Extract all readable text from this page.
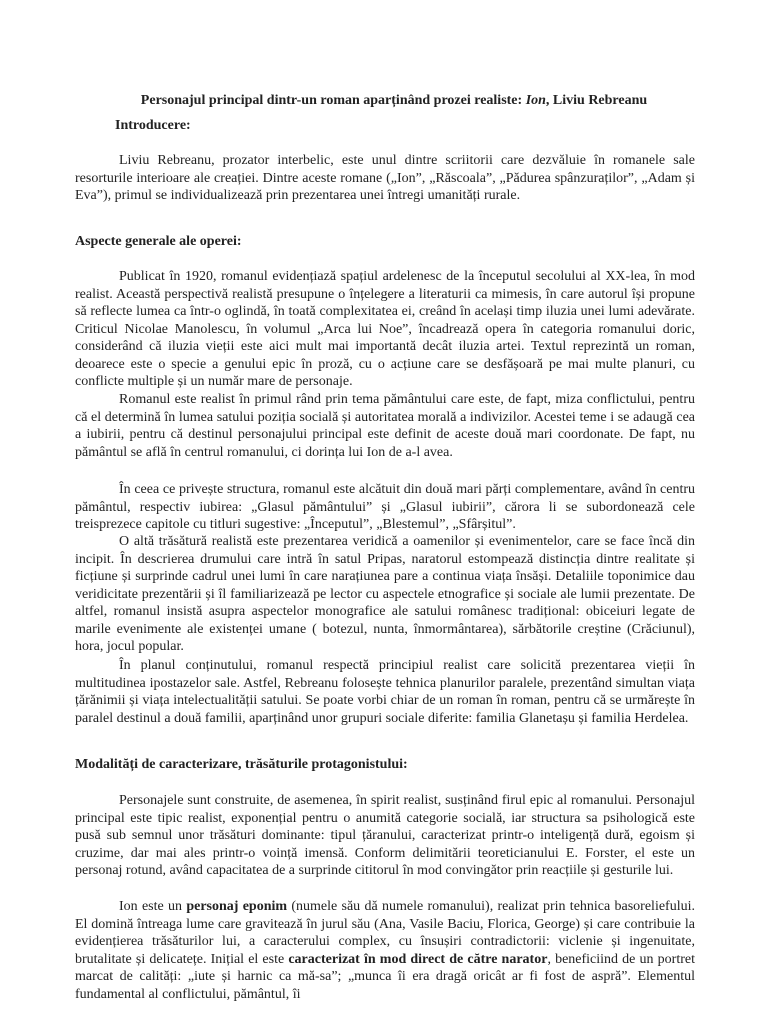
Personajul principal dintr-un roman aparținând prozei realiste: Ion, Liviu Rebreanu
Introducere:
Liviu Rebreanu, prozator interbelic, este unul dintre scriitorii care dezvăluie în romanele sale resorturile interioare ale creației. Dintre aceste romane („Ion”, „Răscoala”, „Pădurea spânzuraților”, „Adam și Eva”), primul se individualizează prin prezentarea unei întregi umanități rurale.
Aspecte generale ale operei:
Publicat în 1920, romanul evidențiază spațiul ardelenesc de la începutul secolului al XX-lea, în mod realist. Această perspectivă realistă presupune o înțelegere a literaturii ca mimesis, în care autorul își propune să reflecte lumea ca într-o oglindă, în toată complexitatea ei, creând în același timp iluzia unei lumi adevărate. Criticul Nicolae Manolescu, în volumul „Arca lui Noe”, încadrează opera în categoria romanului doric, considerând că iluzia vieții este aici mult mai importantă decât iluzia artei. Textul reprezintă un roman, deoarece este o specie a genului epic în proză, cu o acțiune care se desfășoară pe mai multe planuri, cu conflicte multiple și un număr mare de personaje.
Romanul este realist în primul rând prin tema pământului care este, de fapt, miza conflictului, pentru că el determină în lumea satului poziția socială și autoritatea morală a indivizilor. Acestei teme i se adaugă cea a iubirii, pentru că destinul personajului principal este definit de aceste două mari coordonate. De fapt, nu pământul se află în centrul romanului, ci dorința lui Ion de a-l avea.
În ceea ce privește structura, romanul este alcătuit din două mari părți complementare, având în centru pământul, respectiv iubirea: „Glasul pământului” și „Glasul iubirii”, cărora li se subordonează cele treisprezece capitole cu titluri sugestive: „Începutul”, „Blestemul”, „Sfârșitul”.
O altă trăsătură realistă este prezentarea veridică a oamenilor și evenimentelor, care se face încă din incipit. În descrierea drumului care intră în satul Pripas, naratorul estompează distincția dintre realitate și ficțiune și surprinde cadrul unei lumi în care narațiunea pare a continua viața însăși. Detaliile toponimice dau veridicitate prezentării și îl familiarizează pe lector cu aspectele etnografice și sociale ale lumii prezentate. De altfel, romanul insistă asupra aspectelor monografice ale satului românesc tradițional: obiceiuri legate de marile evenimente ale existenței umane ( botezul, nunta, înmormântarea), sărbătorile creștine (Crăciunul), hora, jocul popular.
În planul conținutului, romanul respectă principiul realist care solicită prezentarea vieții în multitudinea ipostazelor sale. Astfel, Rebreanu folosește tehnica planurilor paralele, prezentând simultan viața țărănimii și viața intelectualității satului. Se poate vorbi chiar de un roman în roman, pentru că se urmărește în paralel destinul a două familii, aparținând unor grupuri sociale diferite: familia Glanetașu și familia Herdelea.
Modalități de caracterizare, trăsăturile protagonistului:
Personajele sunt construite, de asemenea, în spirit realist, susținând firul epic al romanului. Personajul principal este tipic realist, exponențial pentru o anumită categorie socială, iar structura sa psihologică este pusă sub semnul unor trăsături dominante: tipul țăranului, caracterizat printr-o inteligență dură, egoism și cruzime, dar mai ales printr-o voință imensă. Conform delimitării teoreticianului E. Forster, el este un personaj rotund, având capacitatea de a surprinde cititorul în mod convingător prin reacțiile și gesturile lui.
Ion este un personaj eponim (numele său dă numele romanului), realizat prin tehnica basoreliefului. El domină întreaga lume care gravitează în jurul său (Ana, Vasile Baciu, Florica, George) și care contribuie la evidențierea trăsăturilor lui, a caracterului complex, cu însușiri contradictorii: viclenie și ingenuitate, brutalitate și delicatețe. Inițial el este caracterizat în mod direct de către narator, beneficiind de un portret marcat de calități: „iute și harnic ca mă-sa”; „munca îi era dragă oricât ar fi fost de aspră”. Elementul fundamental al conflictului, pământul, îi
